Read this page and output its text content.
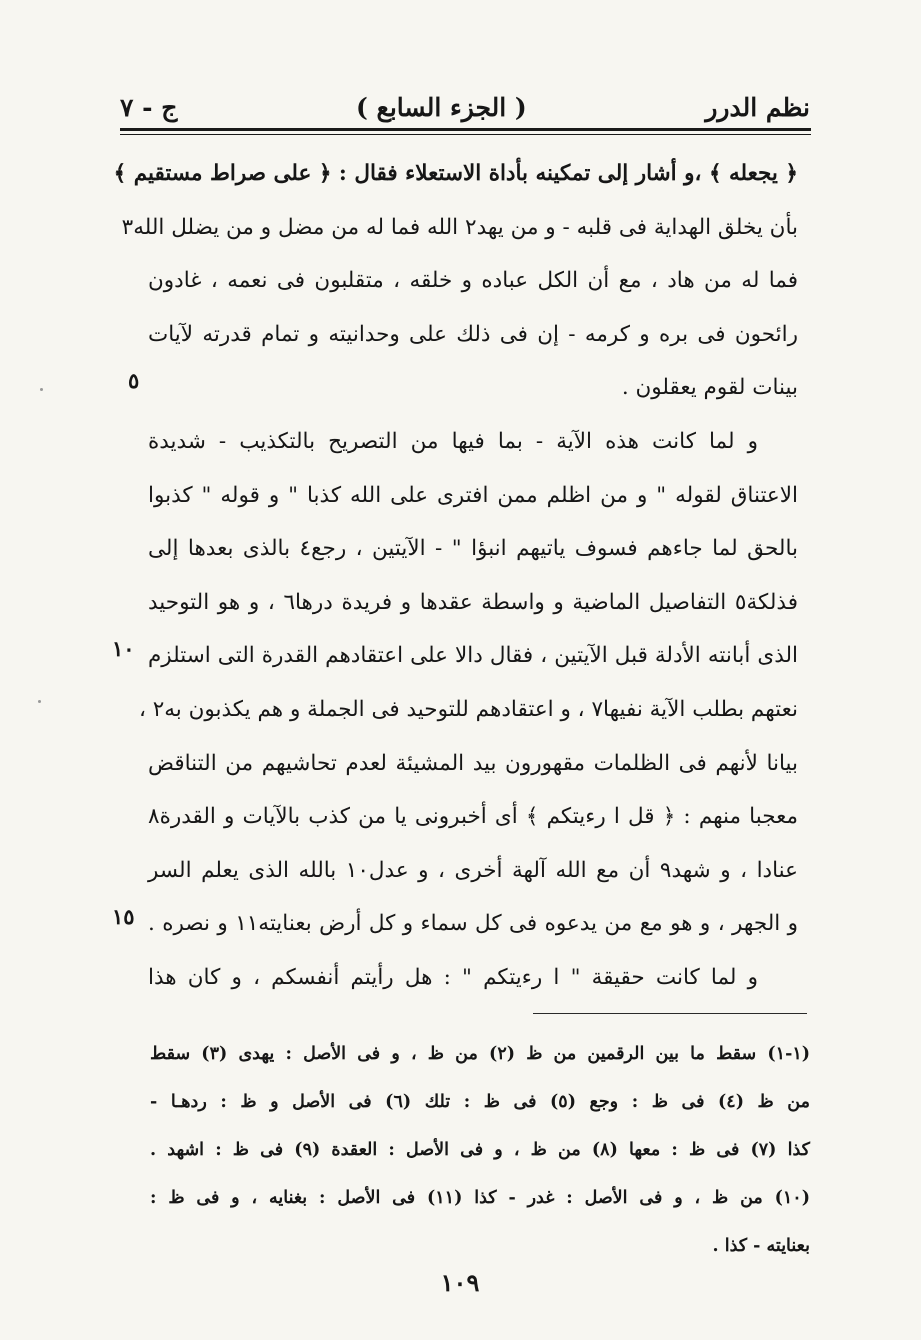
نظم الدرر
( الجزء السابع )
ج - ٧
﴿ يجعله ﴾ ،و أشار إلى تمكينه بأداة الاستعلاء فقال : ﴿ على صراط مستقيم ﴾
بأن يخلق الهداية فى قلبه - و من يهد٢ الله فما له من مضل و من يضلل الله٣
فما له من هاد ، مع أن الكل عباده و خلقه ، متقلبون فى نعمه ، غادون
رائحون فى بره و كرمه - إن فى ذلك على وحدانيته و تمام قدرته لآيات
بينات لقوم يعقلون .
و لما كانت هذه الآية - بما فيها من التصريح بالتكذيب - شديدة
الاعتناق لقوله " و من اظلم ممن افترى على الله كذبا " و قوله " كذبوا
بالحق لما جاءهم فسوف ياتيهم انبؤا " - الآيتين ، رجع٤ بالذى بعدها إلى
فذلكة٥ التفاصيل الماضية و واسطة عقدها و فريدة درها٦ ، و هو التوحيد
الذى أبانته الأدلة قبل الآيتين ، فقال دالا على اعتقادهم القدرة التى استلزم
نعتهم بطلب الآية نفيها٧ ، و اعتقادهم للتوحيد فى الجملة و هم يكذبون به٢ ،
بيانا لأنهم فى الظلمات مقهورون بيد المشيئة لعدم تحاشيهم من التناقض
معجبا منهم : ﴿ قل ا رءيتكم ﴾ أى أخبرونى يا من كذب بالآيات و القدرة٨
عنادا ، و شهد٩ أن مع الله آلهة أخرى ، و عدل١٠ بالله الذى يعلم السر
و الجهر ، و هو مع من يدعوه فى كل سماء و كل أرض بعنايته١١ و نصره .
و لما كانت حقيقة " ا رءيتكم " : هل رأيتم أنفسكم ، و كان هذا
٥
١٠
١٥
(١-١) سقط ما بين الرقمين من ظ (٢) من ظ ، و فى الأصل : يهدى (٣) سقط
من ظ (٤) فى ظ : وجع (٥) فى ظ : تلك (٦) فى الأصل و ظ : ردهـا -
كذا (٧) فى ظ : معها (٨) من ظ ، و فى الأصل : العقدة (٩) فى ظ : اشهد .
(١٠) من ظ ، و فى الأصل : غدر - كذا (١١) فى الأصل : بغنايه ، و فى ظ :
بعنايته - كذا .
١٠٩
